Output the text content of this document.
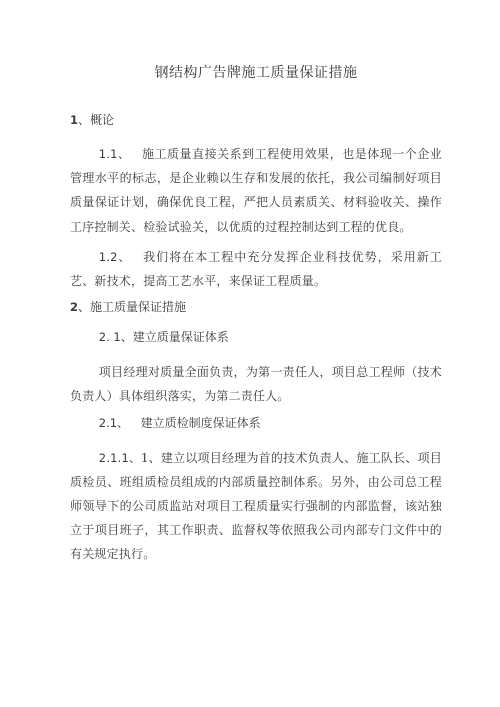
钢结构广告牌施工质量保证措施
1、概论

1.1、 施工质量直接关系到工程使用效果，也是体现一个企业管理水平的标志，是企业赖以生存和发展的依托，我公司编制好项目质量保证计划，确保优良工程，严把人员素质关、材料验收关、操作工序控制关、检验试验关，以优质的过程控制达到工程的优良。

1.2、 我们将在本工程中充分发挥企业科技优势，采用新工艺、新技术，提高工艺水平，来保证工程质量。

2、施工质量保证措施
2. 1、建立质量保证体系

项目经理对质量全面负责，为第一责任人，项目总工程师（技术负责人）具体组织落实，为第二责任人。

2.1、 建立质检制度保证体系

2.1.1、1、建立以项目经理为首的技术负责人、施工队长、项目质检员、班组质检员组成的内部质量控制体系。另外，由公司总工程师领导下的公司质监站对项目工程质量实行强制的内部监督，该站独立于项目班子，其工作职责、监督权等依照我公司内部专门文件中的有关规定执行。
